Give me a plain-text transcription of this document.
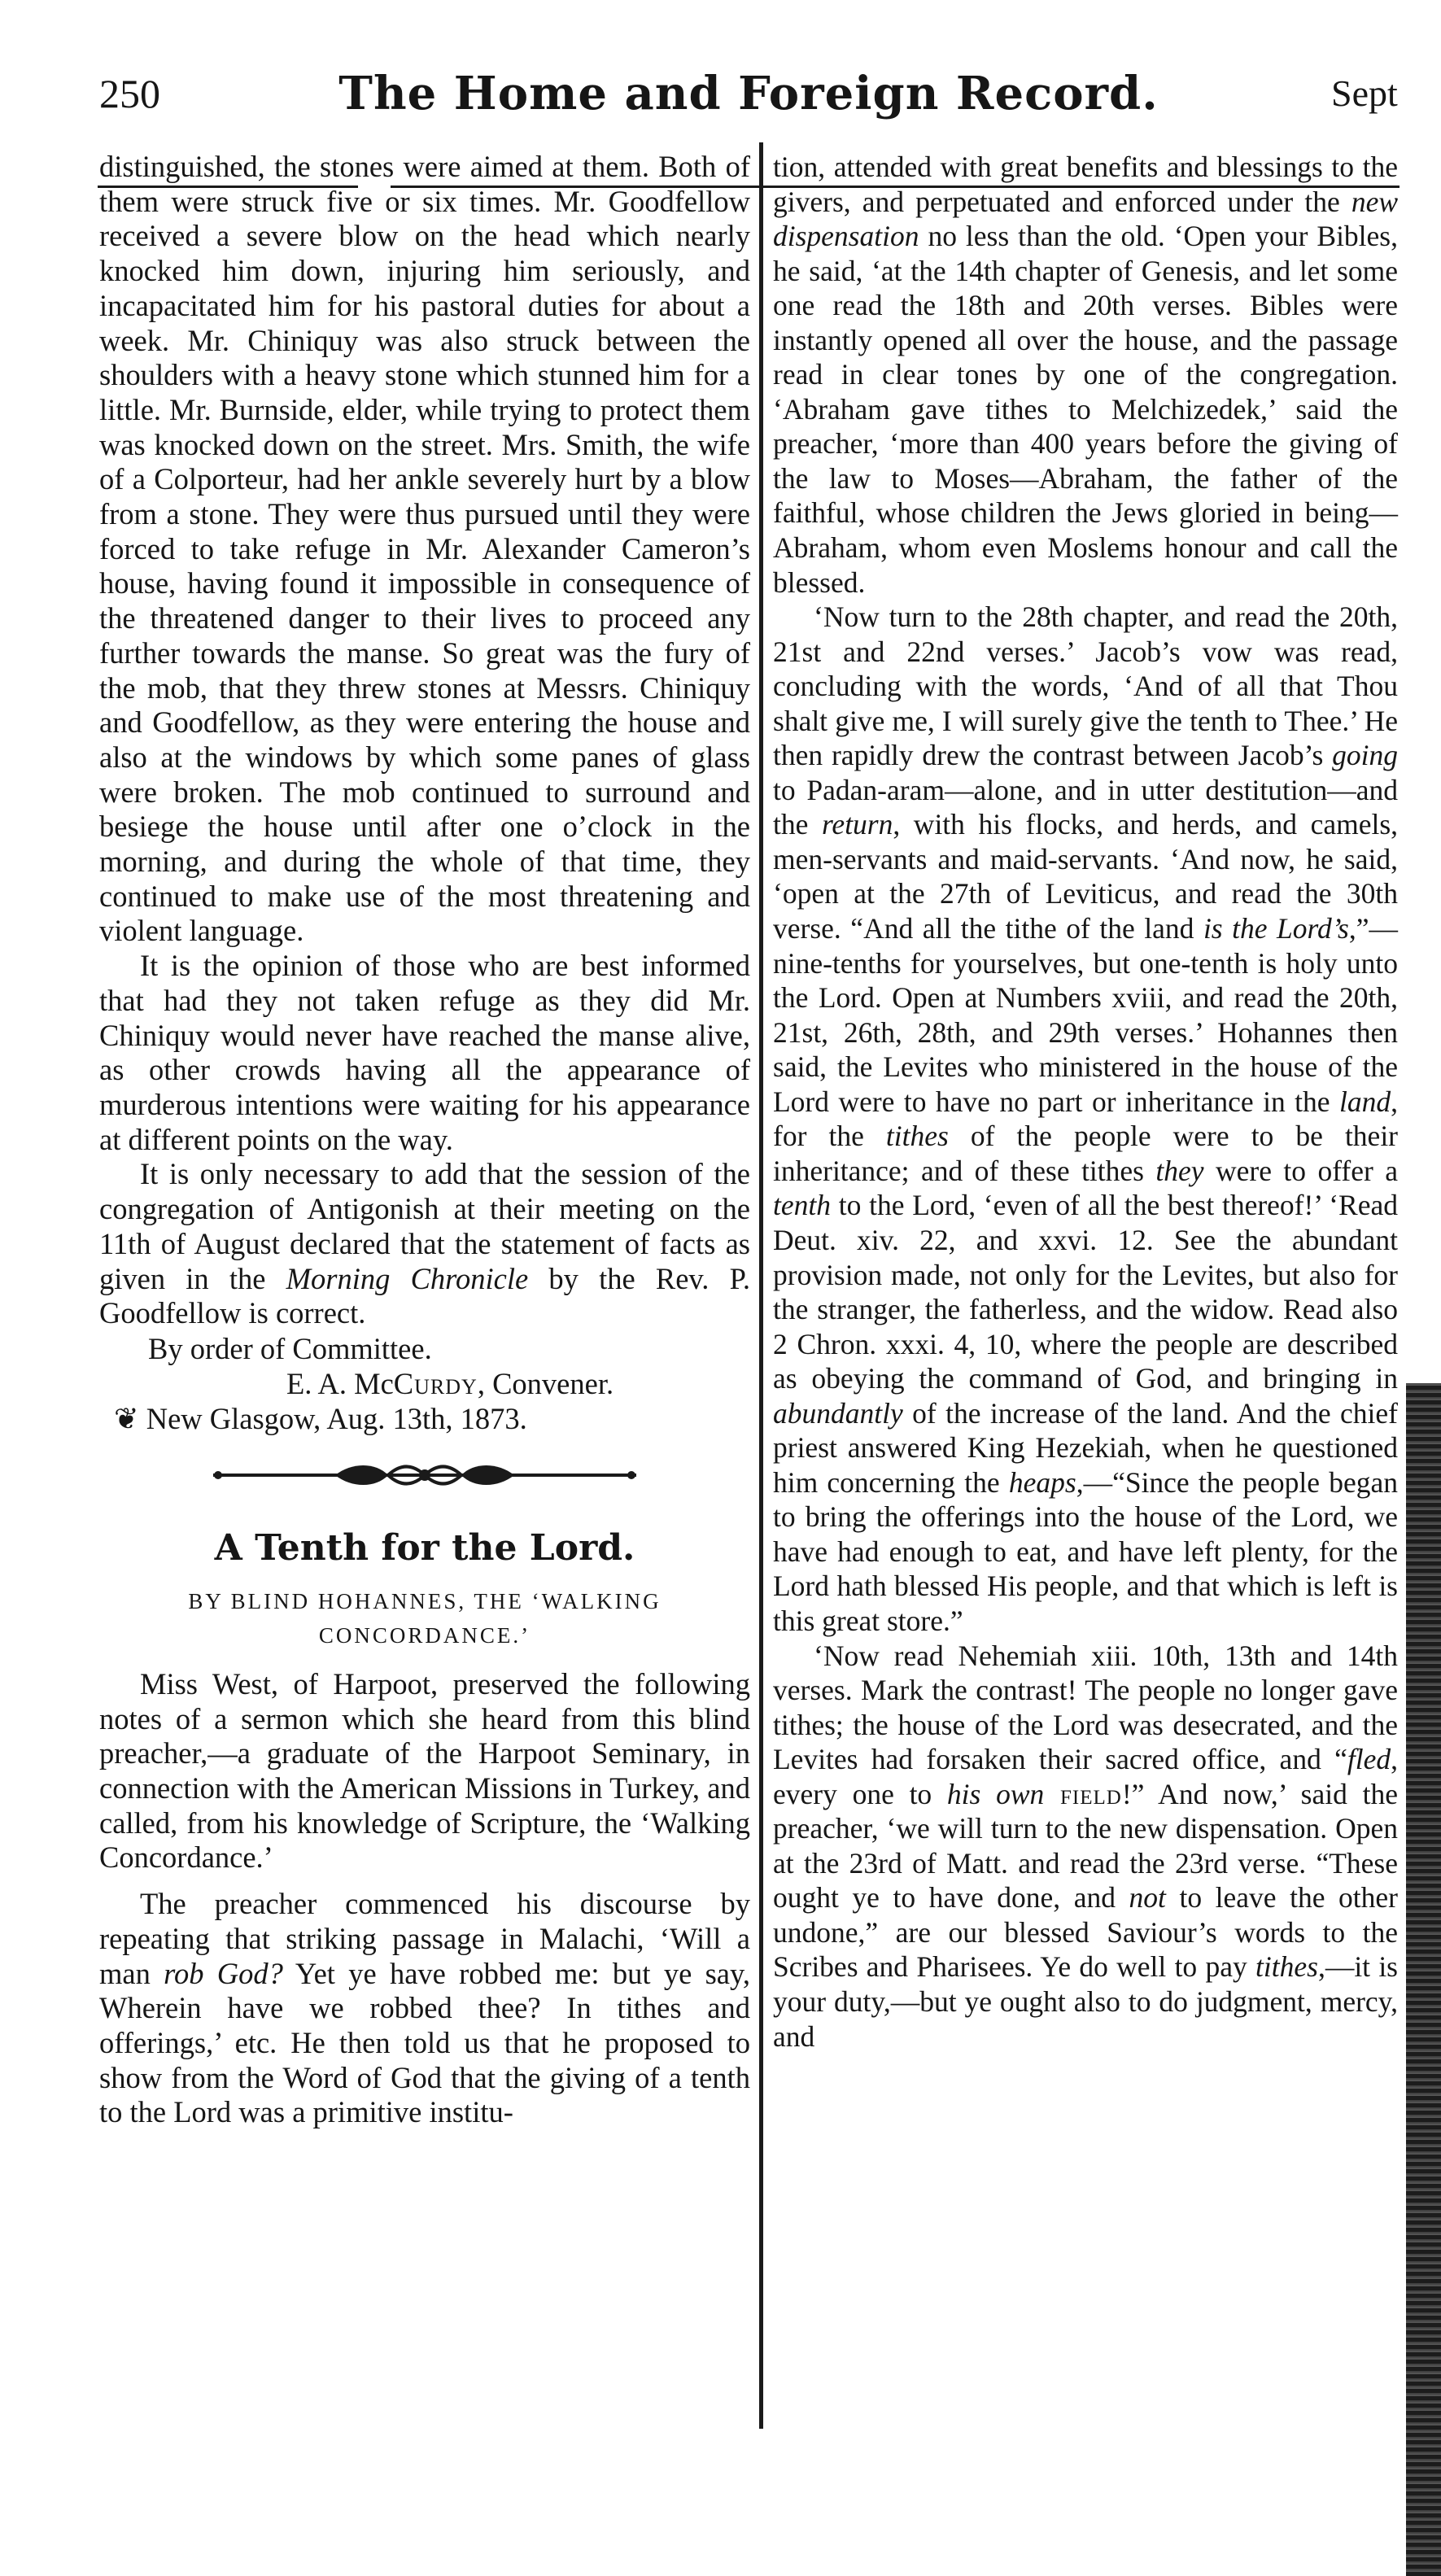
250	The Home and Foreign Record.	Sept

distinguished, the stones were aimed at them. Both of them were struck five or six times. Mr. Goodfellow received a severe blow on the head which nearly knocked him down, injuring him seriously, and incapacitated him for his pastoral duties for about a week. Mr. Chiniquy was also struck between the shoulders with a heavy stone which stunned him for a little. Mr. Burnside, elder, while trying to protect them was knocked down on the street. Mrs. Smith, the wife of a Colporteur, had her ankle severely hurt by a blow from a stone. They were thus pursued until they were forced to take refuge in Mr. Alexander Cameron’s house, having found it impossible in consequence of the threatened danger to their lives to proceed any further towards the manse. So great was the fury of the mob, that they threw stones at Messrs. Chiniquy and Goodfellow, as they were entering the house and also at the windows by which some panes of glass were broken. The mob continued to surround and besiege the house until after one o’clock in the morning, and during the whole of that time, they continued to make use of the most threatening and violent language.

It is the opinion of those who are best informed that had they not taken refuge as they did Mr. Chiniquy would never have reached the manse alive, as other crowds having all the appearance of murderous intentions were waiting for his appearance at different points on the way.

It is only necessary to add that the session of the congregation of Antigonish at their meeting on the 11th of August declared that the statement of facts as given in the Morning Chronicle by the Rev. P. Goodfellow is correct.

By order of Committee.

E. A. McCurdy, Convener.

❦ New Glasgow, Aug. 13th, 1873.

A Tenth for the Lord.

BY BLIND HOHANNES, THE ‘WALKING CONCORDANCE.’

Miss West, of Harpoot, preserved the following notes of a sermon which she heard from this blind preacher,—a graduate of the Harpoot Seminary, in connection with the American Missions in Turkey, and called, from his knowledge of Scripture, the ‘Walking Concordance.’

The preacher commenced his discourse by repeating that striking passage in Malachi, ‘Will a man rob God? Yet ye have robbed me: but ye say, Wherein have we robbed thee? In tithes and offerings,’ etc. He then told us that he proposed to show from the Word of God that the giving of a tenth to the Lord was a primitive institu-

tion, attended with great benefits and blessings to the givers, and perpetuated and enforced under the new dispensation no less than the old. ‘Open your Bibles, he said, ‘at the 14th chapter of Genesis, and let some one read the 18th and 20th verses. Bibles were instantly opened all over the house, and the passage read in clear tones by one of the congregation. ‘Abraham gave tithes to Melchizedek,’ said the preacher, ‘more than 400 years before the giving of the law to Moses—Abraham, the father of the faithful, whose children the Jews gloried in being—Abraham, whom even Moslems honour and call the blessed.

‘Now turn to the 28th chapter, and read the 20th, 21st and 22nd verses.’ Jacob’s vow was read, concluding with the words, ‘And of all that Thou shalt give me, I will surely give the tenth to Thee.’ He then rapidly drew the contrast between Jacob’s going to Padan-aram—alone, and in utter destitution—and the return, with his flocks, and herds, and camels, men-servants and maid-servants. ‘And now, he said, ‘open at the 27th of Leviticus, and read the 30th verse. “And all the tithe of the land is the Lord’s,”—nine-tenths for yourselves, but one-tenth is holy unto the Lord. Open at Numbers xviii, and read the 20th, 21st, 26th, 28th, and 29th verses.’ Hohannes then said, the Levites who ministered in the house of the Lord were to have no part or inheritance in the land, for the tithes of the people were to be their inheritance; and of these tithes they were to offer a tenth to the Lord, ‘even of all the best thereof!’ ‘Read Deut. xiv. 22, and xxvi. 12. See the abundant provision made, not only for the Levites, but also for the stranger, the fatherless, and the widow. Read also 2 Chron. xxxi. 4, 10, where the people are described as obeying the command of God, and bringing in abundantly of the increase of the land. And the chief priest answered King Hezekiah, when he questioned him concerning the heaps,—“Since the people began to bring the offerings into the house of the Lord, we have had enough to eat, and have left plenty, for the Lord hath blessed His people, and that which is left is this great store.”

‘Now read Nehemiah xiii. 10th, 13th and 14th verses. Mark the contrast! The people no longer gave tithes; the house of the Lord was desecrated, and the Levites had forsaken their sacred office, and “fled, every one to his own field!” And now,’ said the preacher, ‘we will turn to the new dispensation. Open at the 23rd of Matt. and read the 23rd verse. “These ought ye to have done, and not to leave the other undone,” are our blessed Saviour’s words to the Scribes and Pharisees. Ye do well to pay tithes,—it is your duty,—but ye ought also to do judgment, mercy, and
